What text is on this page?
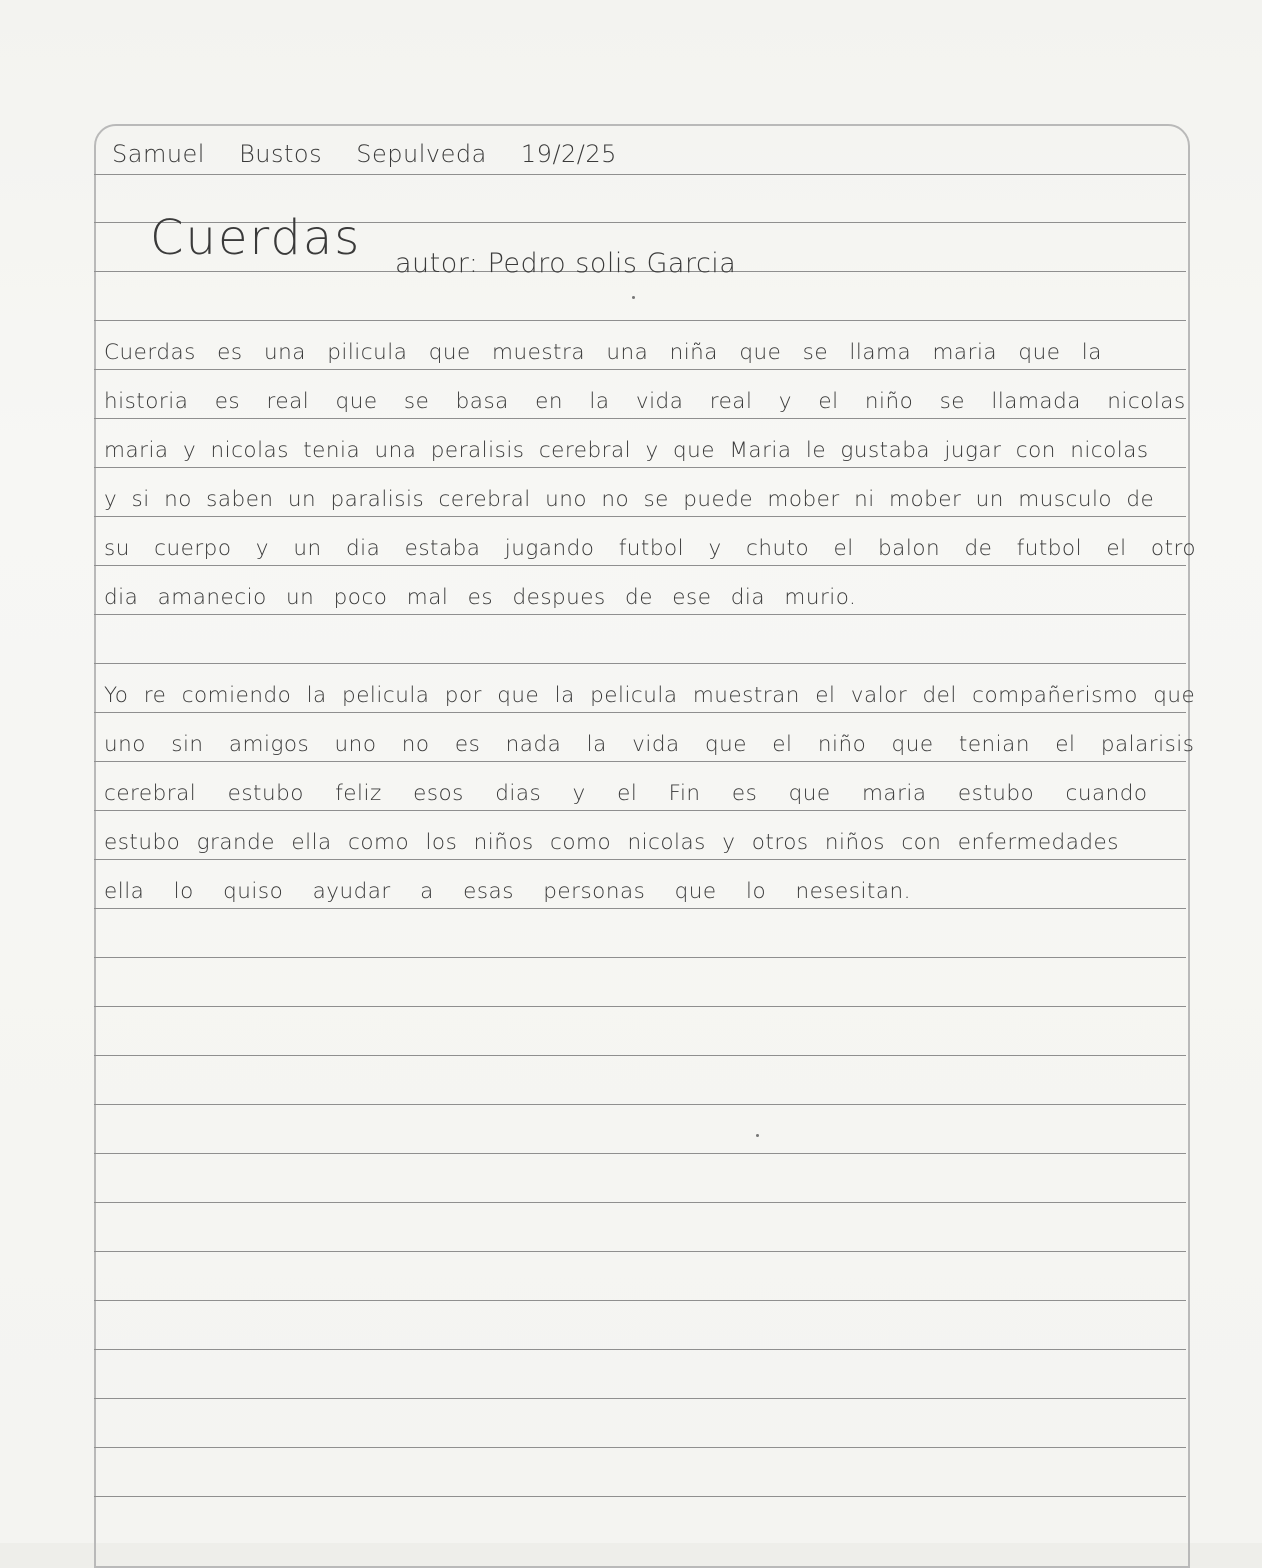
Samuel Bustos Sepulveda 19/2/25
Cuerdas autor: Pedro solis Garcia
Cuerdas es una pilicula que muestra una niña que se llama maria que la
historia es real que se basa en la vida real y el niño se llamada nicolas
maria y nicolas tenia una peralisis cerebral y que Maria le gustaba jugar con nicolas
y si no saben un paralisis cerebral uno no se puede mober ni mober un musculo de
su cuerpo y un dia estaba jugando futbol y chuto el balon de futbol el otro
dia amanecio un poco mal es despues de ese dia murio.
Yo re comiendo la pelicula por que la pelicula muestran el valor del compañerismo que
uno sin amigos uno no es nada la vida que el niño que tenian el palarisis
cerebral estubo feliz esos dias y el Fin es que maria estubo cuando
estubo grande ella como los niños como nicolas y otros niños con enfermedades
ella lo quiso ayudar a esas personas que lo nesesitan.
